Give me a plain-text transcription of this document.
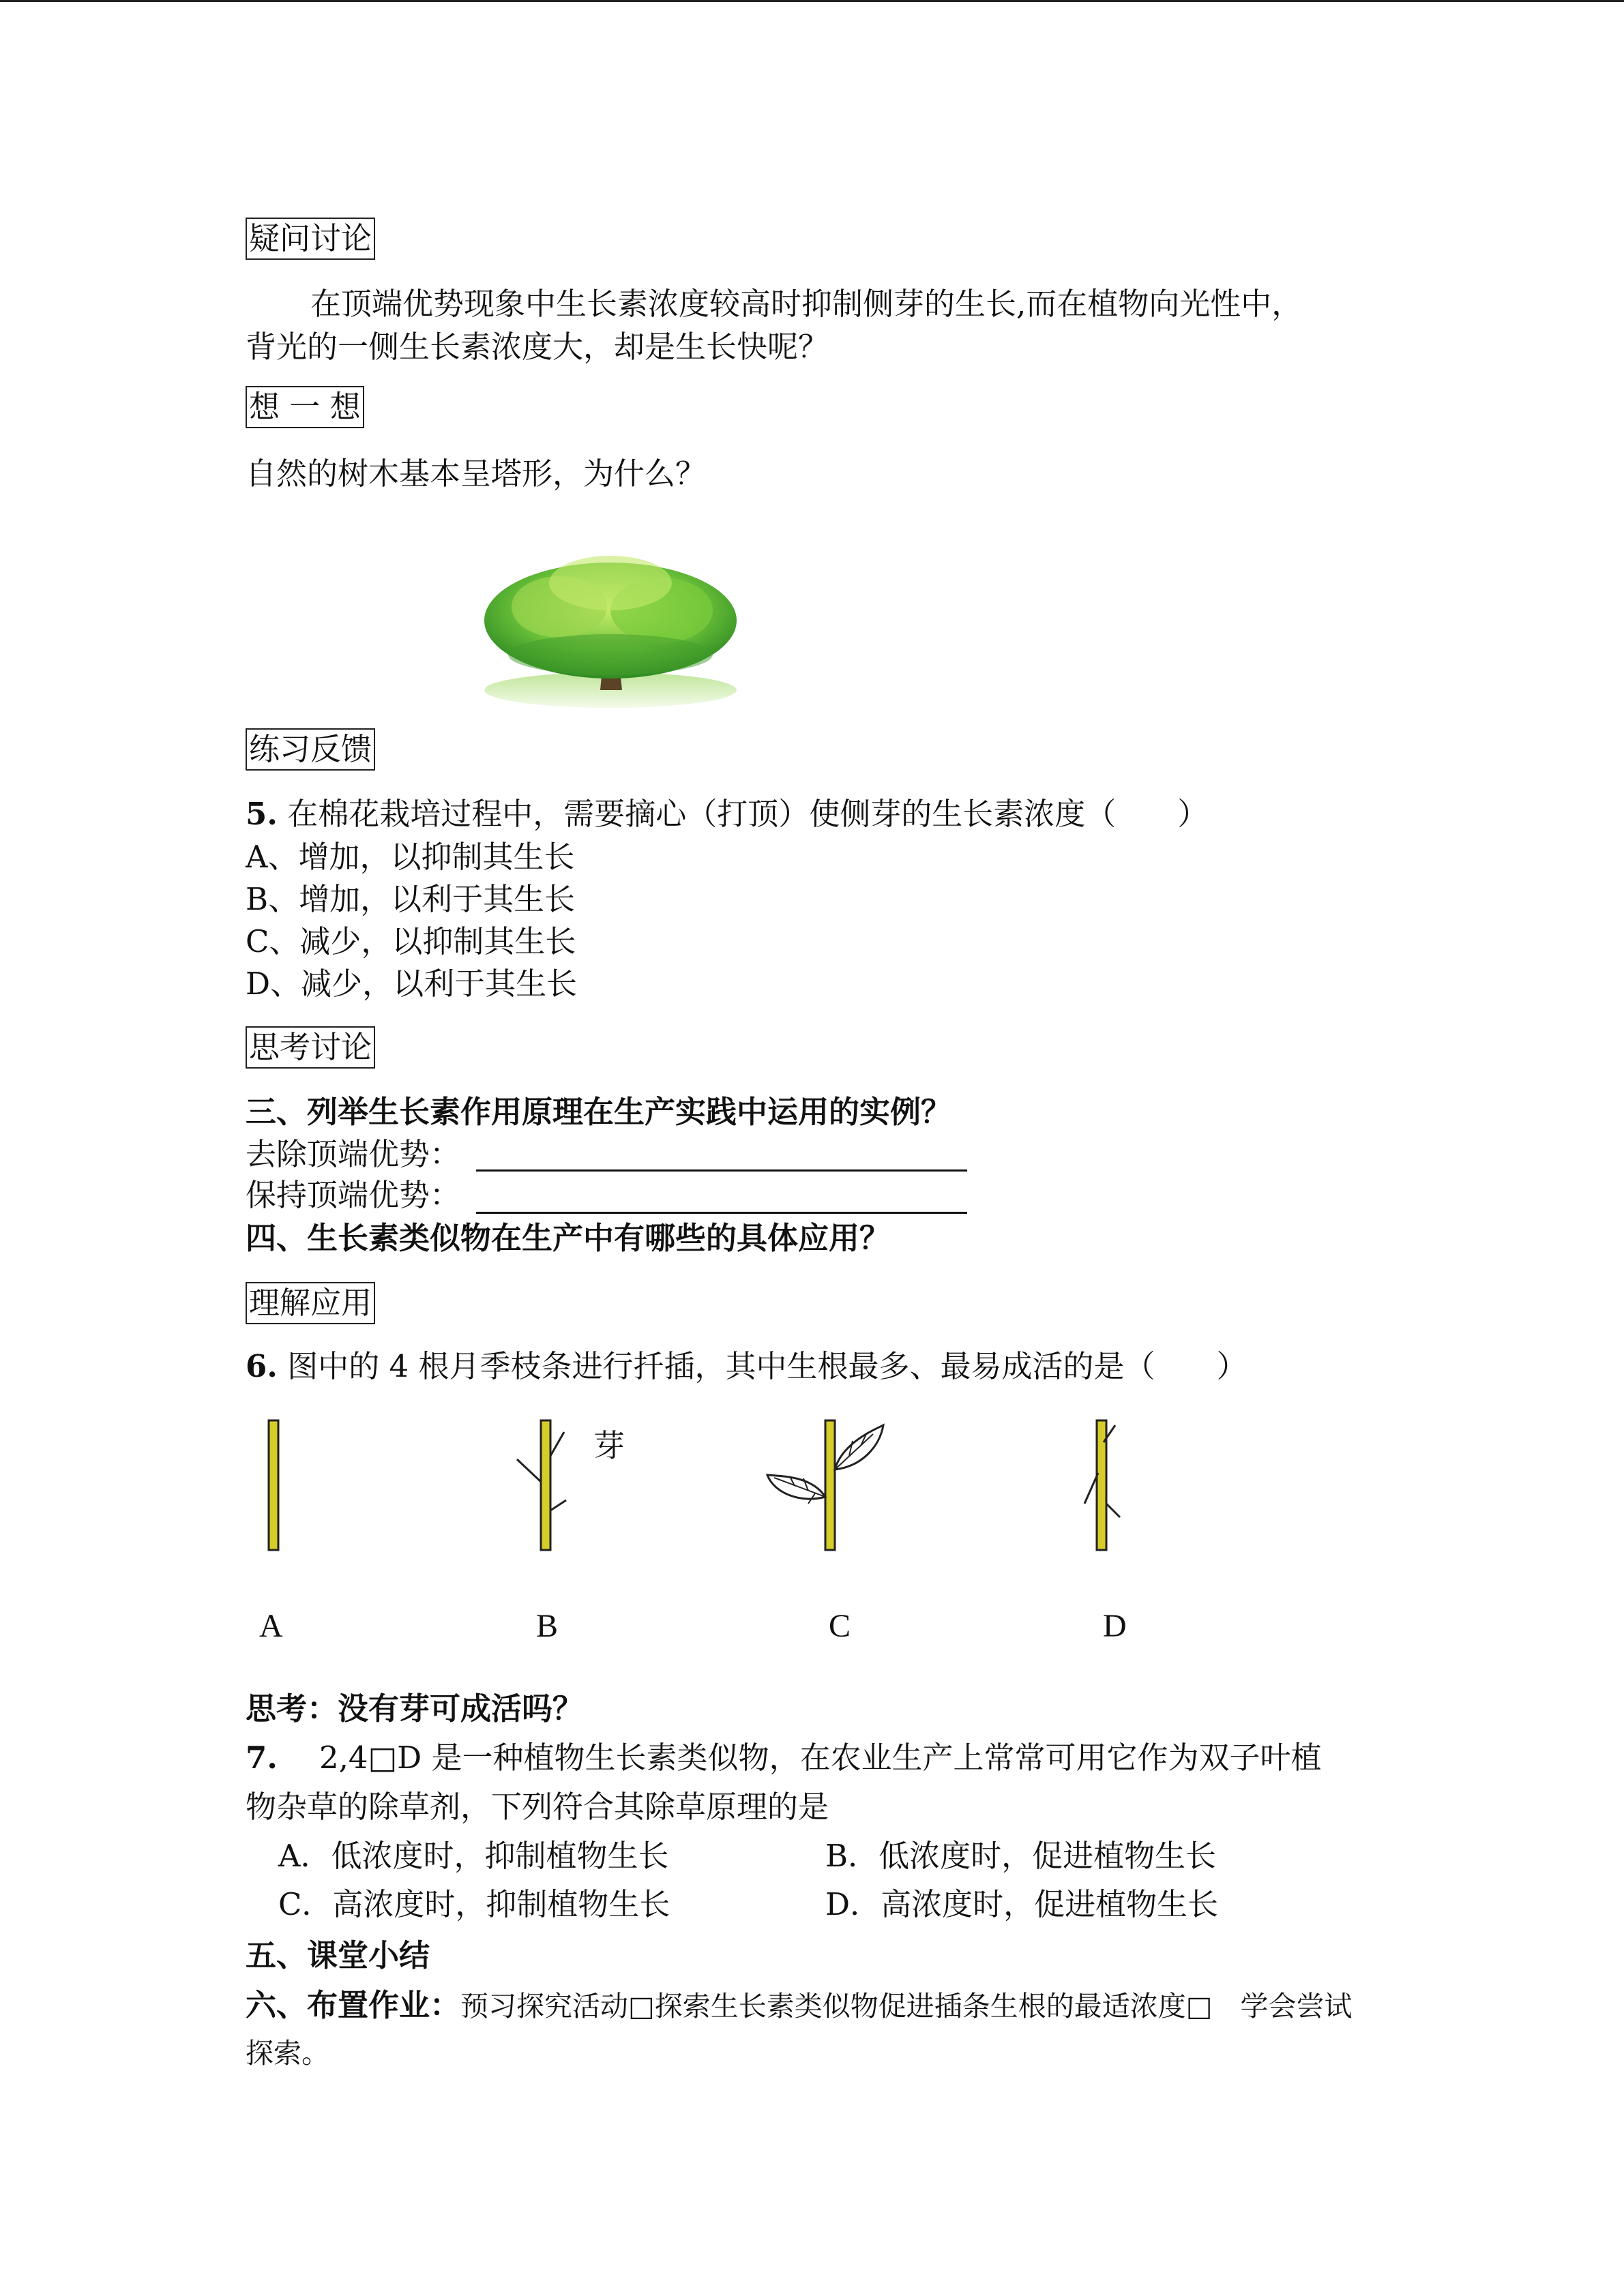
疑问讨论
在顶端优势现象中生长素浓度较高时抑制侧芽的生长,而在植物向光性中，
背光的一侧生长素浓度大，却是生长快呢？
想 一 想
自然的树木基本呈塔形，为什么？
练习反馈
5. 在棉花栽培过程中，需要摘心（打顶）使侧芽的生长素浓度（　　）
A、增加，以抑制其生长
B、增加，以利于其生长
C、减少，以抑制其生长
D、减少，以利于其生长
思考讨论
三、列举生长素作用原理在生产实践中运用的实例？
去除顶端优势：
保持顶端优势：
四、生长素类似物在生产中有哪些的具体应用？
理解应用
6. 图中的 4 根月季枝条进行扦插，其中生根最多、最易成活的是（　　）
芽
A	B	C	D
思考：没有芽可成活吗？
7. 2,4□D 是一种植物生长素类似物，在农业生产上常常可用它作为双子叶植
物杂草的除草剂，下列符合其除草原理的是
A．低浓度时，抑制植物生长	B．低浓度时，促进植物生长
C．高浓度时，抑制植物生长	D．高浓度时，促进植物生长
五、课堂小结
六、布置作业：预习探究活动□探索生长素类似物促进插条生根的最适浓度□　学会尝试
探索。
